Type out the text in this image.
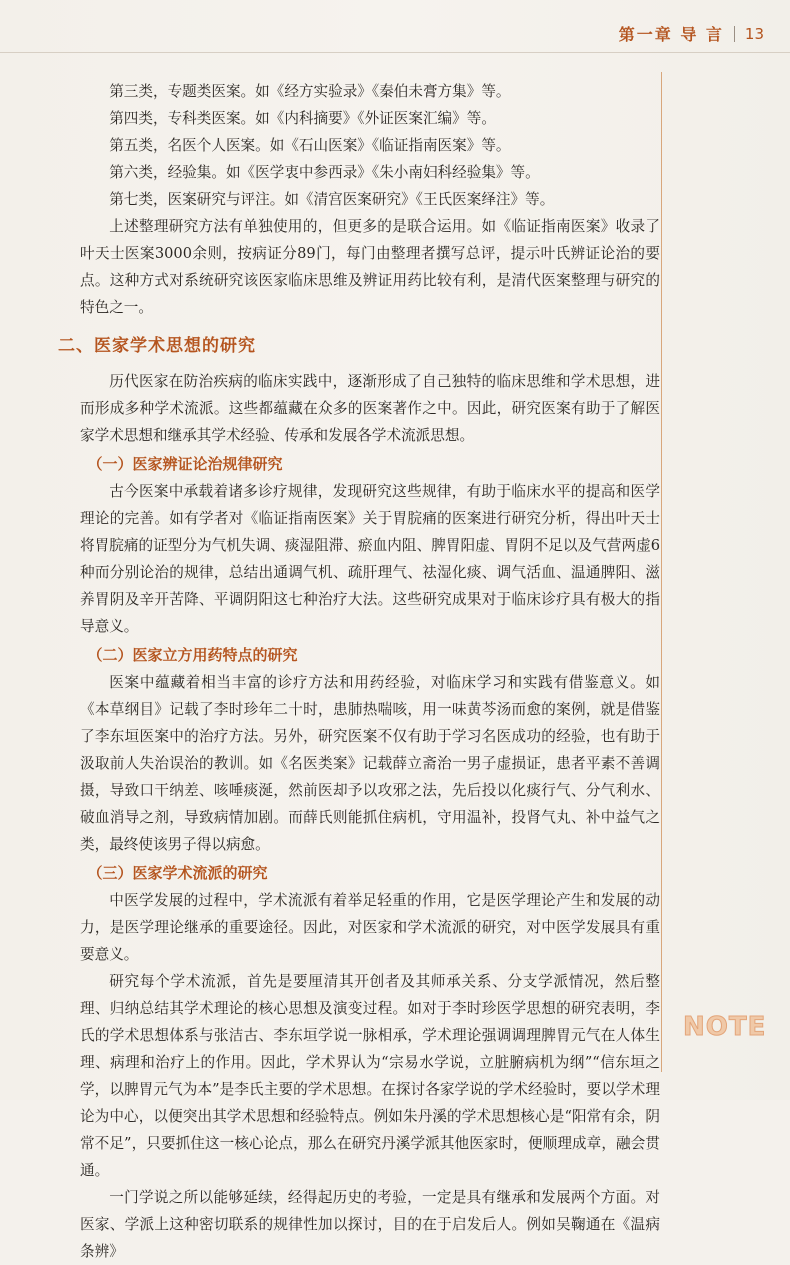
第一章 导 言 13

第三类，专题类医案。如《经方实验录》《秦伯未膏方集》等。

第四类，专科类医案。如《内科摘要》《外证医案汇编》等。

第五类，名医个人医案。如《石山医案》《临证指南医案》等。

第六类，经验集。如《医学衷中参西录》《朱小南妇科经验集》等。

第七类，医案研究与评注。如《清宫医案研究》《王氏医案绎注》等。

上述整理研究方法有单独使用的，但更多的是联合运用。如《临证指南医案》收录了叶天士医案3000余则，按病证分89门，每门由整理者撰写总评，提示叶氏辨证论治的要点。这种方式对系统研究该医家临床思维及辨证用药比较有利，是清代医案整理与研究的特色之一。

二、医家学术思想的研究

历代医家在防治疾病的临床实践中，逐渐形成了自己独特的临床思维和学术思想，进而形成多种学术流派。这些都蕴藏在众多的医案著作之中。因此，研究医案有助于了解医家学术思想和继承其学术经验、传承和发展各学术流派思想。

（一）医家辨证论治规律研究

古今医案中承载着诸多诊疗规律，发现研究这些规律，有助于临床水平的提高和医学理论的完善。如有学者对《临证指南医案》关于胃脘痛的医案进行研究分析，得出叶天士将胃脘痛的证型分为气机失调、痰湿阻滞、瘀血内阻、脾胃阳虚、胃阴不足以及气营两虚6种而分别论治的规律，总结出通调气机、疏肝理气、祛湿化痰、调气活血、温通脾阳、滋养胃阴及辛开苦降、平调阴阳这七种治疗大法。这些研究成果对于临床诊疗具有极大的指导意义。

（二）医家立方用药特点的研究

医案中蕴藏着相当丰富的诊疗方法和用药经验，对临床学习和实践有借鉴意义。如《本草纲目》记载了李时珍年二十时，患肺热喘咳，用一味黄芩汤而愈的案例，就是借鉴了李东垣医案中的治疗方法。另外，研究医案不仅有助于学习名医成功的经验，也有助于汲取前人失治误治的教训。如《名医类案》记载薛立斋治一男子虚损证，患者平素不善调摄，导致口干纳差、咳唾痰涎，然前医却予以攻邪之法，先后投以化痰行气、分气利水、破血消导之剂，导致病情加剧。而薛氏则能抓住病机，守用温补，投肾气丸、补中益气之类，最终使该男子得以病愈。

（三）医家学术流派的研究

中医学发展的过程中，学术流派有着举足轻重的作用，它是医学理论产生和发展的动力，是医学理论继承的重要途径。因此，对医家和学术流派的研究，对中医学发展具有重要意义。

研究每个学术流派，首先是要厘清其开创者及其师承关系、分支学派情况，然后整理、归纳总结其学术理论的核心思想及演变过程。如对于李时珍医学思想的研究表明，李氏的学术思想体系与张洁古、李东垣学说一脉相承，学术理论强调调理脾胃元气在人体生理、病理和治疗上的作用。因此，学术界认为“宗易水学说，立脏腑病机为纲”“信东垣之学，以脾胃元气为本”是李氏主要的学术思想。在探讨各家学说的学术经验时，要以学术理论为中心，以便突出其学术思想和经验特点。例如朱丹溪的学术思想核心是“阳常有余，阴常不足”，只要抓住这一核心论点，那么在研究丹溪学派其他医家时，便顺理成章，融会贯通。

一门学说之所以能够延续，经得起历史的考验，一定是具有继承和发展两个方面。对医家、学派上这种密切联系的规律性加以探讨，目的在于启发后人。例如吴鞠通在《温病条辨》

NOTE
